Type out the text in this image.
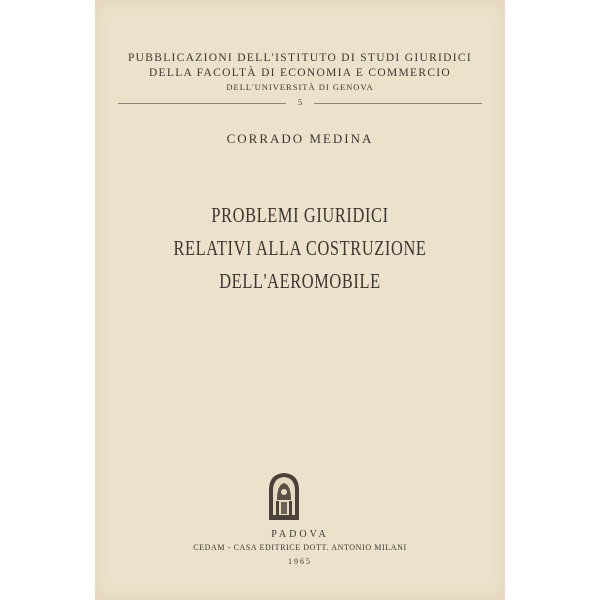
PUBBLICAZIONI DELL'ISTITUTO DI STUDI GIURIDICI
DELLA FACOLTÀ DI ECONOMIA E COMMERCIO
DELL'UNIVERSITÀ DI GENOVA
5
CORRADO MEDINA
PROBLEMI GIURIDICI
RELATIVI ALLA COSTRUZIONE
DELL'AEROMOBILE
PADOVA
CEDAM - CASA EDITRICE DOTT. ANTONIO MILANI
1965
